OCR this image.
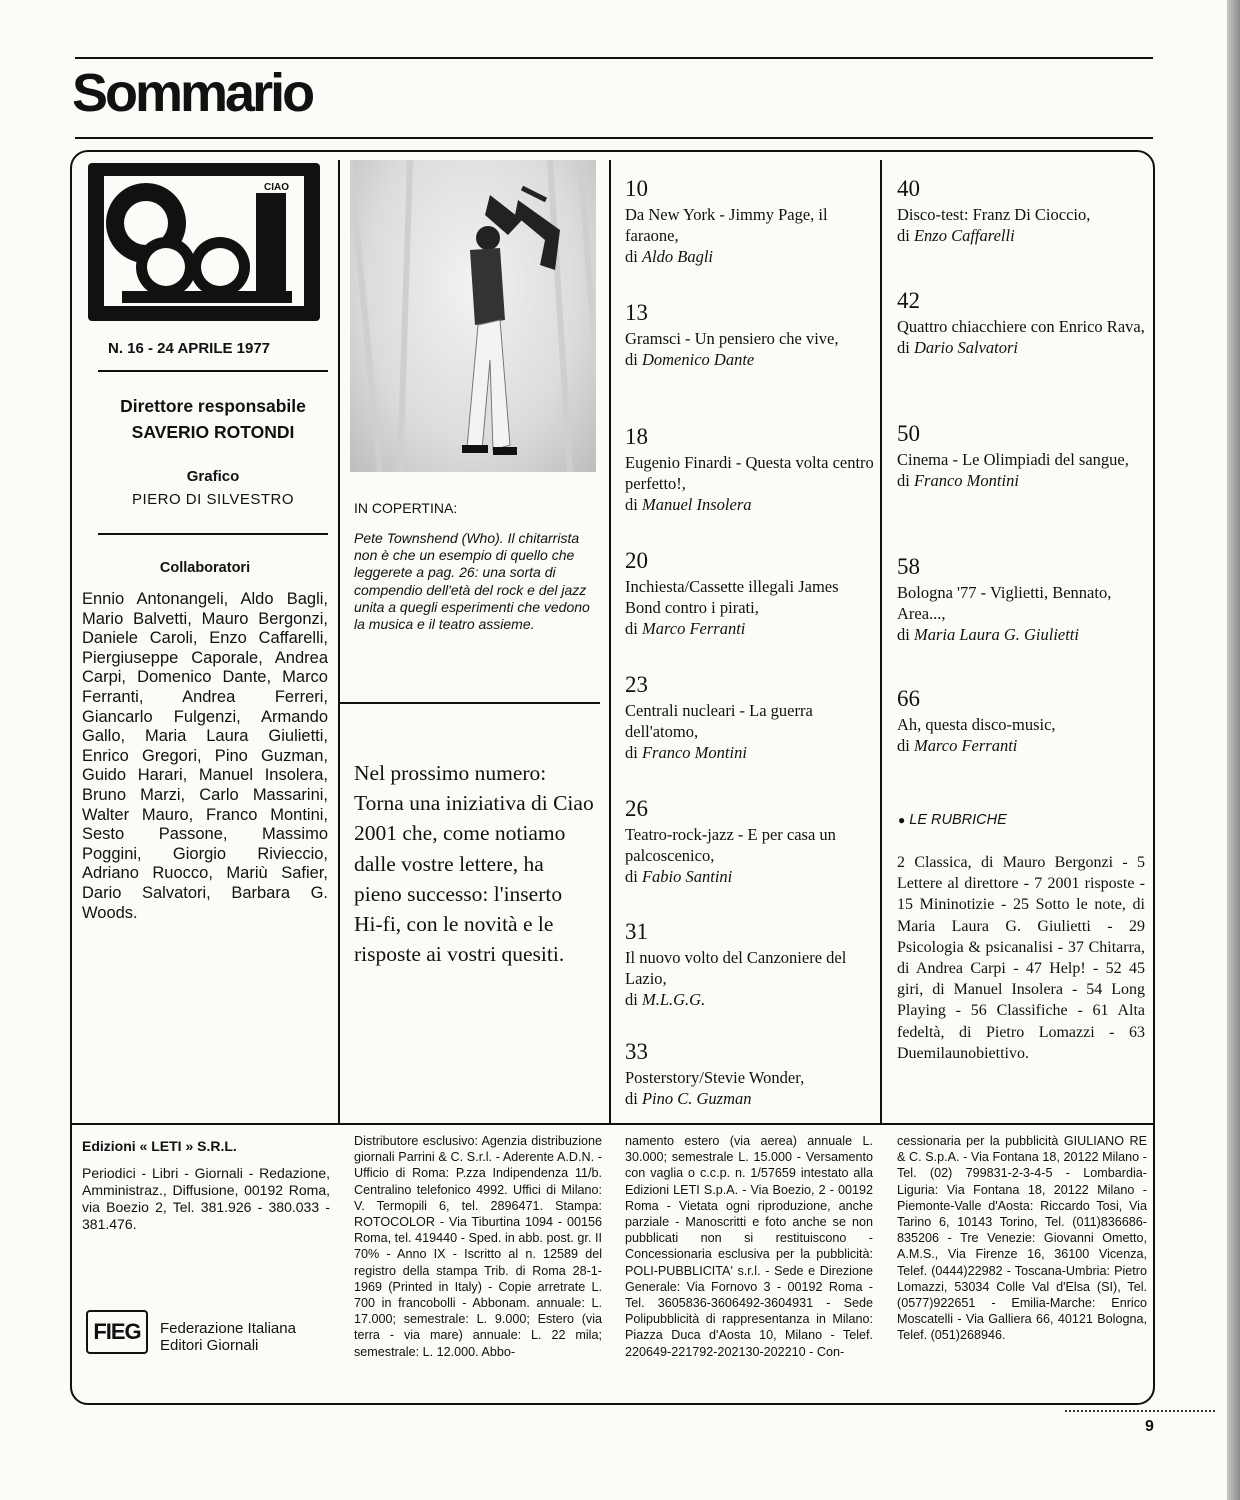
Sommario
CIAO
N. 16 - 24 APRILE 1977
Direttore responsabile
SAVERIO ROTONDI
Grafico
PIERO DI SILVESTRO
Collaboratori
Ennio Antonangeli, Aldo Bagli, Mario Balvetti, Mauro Bergonzi, Daniele Caroli, Enzo Caffarelli, Piergiuseppe Caporale, Andrea Carpi, Domenico Dante, Marco Ferranti, Andrea Ferreri, Giancarlo Fulgenzi, Armando Gallo, Maria Laura Giulietti, Enrico Gregori, Pino Guzman, Guido Harari, Manuel Insolera, Bruno Marzi, Carlo Massarini, Walter Mauro, Franco Montini, Sesto Passone, Massimo Poggini, Giorgio Rivieccio, Adriano Ruocco, Mariù Safier, Dario Salvatori, Barbara G. Woods.
IN COPERTINA:
Pete Townshend (Who). Il chitarrista non è che un esempio di quello che leggerete a pag. 26: una sorta di compendio dell'età del rock e del jazz unita a quegli esperimenti che vedono la musica e il teatro assieme.
Nel prossimo numero: Torna una iniziativa di Ciao 2001 che, come notiamo dalle vostre lettere, ha pieno successo: l'inserto Hi-fi, con le novità e le risposte ai vostri quesiti.
10
Da New York - Jimmy Page, il faraone,
di Aldo Bagli
13
Gramsci - Un pensiero che vive,
di Domenico Dante
18
Eugenio Finardi - Questa volta centro perfetto!,
di Manuel Insolera
20
Inchiesta/Cassette illegali James Bond contro i pirati,
di Marco Ferranti
23
Centrali nucleari - La guerra dell'atomo,
di Franco Montini
26
Teatro-rock-jazz - E per casa un palcoscenico,
di Fabio Santini
31
Il nuovo volto del Canzoniere del Lazio,
di M.L.G.G.
33
Posterstory/Stevie Wonder,
di Pino C. Guzman
40
Disco-test: Franz Di Cioccio,
di Enzo Caffarelli
42
Quattro chiacchiere con Enrico Rava,
di Dario Salvatori
50
Cinema - Le Olimpiadi del sangue,
di Franco Montini
58
Bologna '77 - Viglietti, Bennato, Area...,
di Maria Laura G. Giulietti
66
Ah, questa disco-music,
di Marco Ferranti
● LE RUBRICHE
2 Classica, di Mauro Bergonzi - 5 Lettere al direttore - 7 2001 risposte - 15 Mininotizie - 25 Sotto le note, di Maria Laura G. Giulietti - 29 Psicologia & psicanalisi - 37 Chitarra, di Andrea Carpi - 47 Help! - 52 45 giri, di Manuel Insolera - 54 Long Playing - 56 Classifiche - 61 Alta fedeltà, di Pietro Lomazzi - 63 Duemilaunobiettivo.
Edizioni « LETI » S.R.L.
Periodici - Libri - Giornali - Redazione, Amministraz., Diffusione, 00192 Roma, via Boezio 2, Tel. 381.926 - 380.033 - 381.476.
FIEG	Federazione Italiana
Editori Giornali
Distributore esclusivo: Agenzia distribuzione giornali Parrini & C. S.r.l. - Aderente A.D.N. - Ufficio di Roma: P.zza Indipendenza 11/b. Centralino telefonico 4992. Uffici di Milano: V. Termopili 6, tel. 2896471. Stampa: ROTOCOLOR - Via Tiburtina 1094 - 00156 Roma, tel. 419440 - Sped. in abb. post. gr. II 70% - Anno IX - Iscritto al n. 12589 del registro della stampa Trib. di Roma 28-1-1969 (Printed in Italy) - Copie arretrate L. 700 in francobolli - Abbonam. annuale: L. 17.000; semestrale: L. 9.000; Estero (via terra - via mare) annuale: L. 22 mila; semestrale: L. 12.000. Abbo-
namento estero (via aerea) annuale L. 30.000; semestrale L. 15.000 - Versamento con vaglia o c.c.p. n. 1/57659 intestato alla Edizioni LETI S.p.A. - Via Boezio, 2 - 00192 Roma - Vietata ogni riproduzione, anche parziale - Manoscritti e foto anche se non pubblicati non si restituiscono - Concessionaria esclusiva per la pubblicità: POLI-PUBBLICITA' s.r.l. - Sede e Direzione Generale: Via Fornovo 3 - 00192 Roma - Tel. 3605836-3606492-3604931 - Sede Polipubblicità di rappresentanza in Milano: Piazza Duca d'Aosta 10, Milano - Telef. 220649-221792-202130-202210 - Con-
cessionaria per la pubblicità GIULIANO RE & C. S.p.A. - Via Fontana 18, 20122 Milano - Tel. (02) 799831-2-3-4-5 - Lombardia-Liguria: Via Fontana 18, 20122 Milano - Piemonte-Valle d'Aosta: Riccardo Tosi, Via Tarino 6, 10143 Torino, Tel. (011)836686-835206 - Tre Venezie: Giovanni Ometto, A.M.S., Via Firenze 16, 36100 Vicenza, Telef. (0444)22982 - Toscana-Umbria: Pietro Lomazzi, 53034 Colle Val d'Elsa (SI), Tel. (0577)922651 - Emilia-Marche: Enrico Moscatelli - Via Galliera 66, 40121 Bologna, Telef. (051)268946.
9
